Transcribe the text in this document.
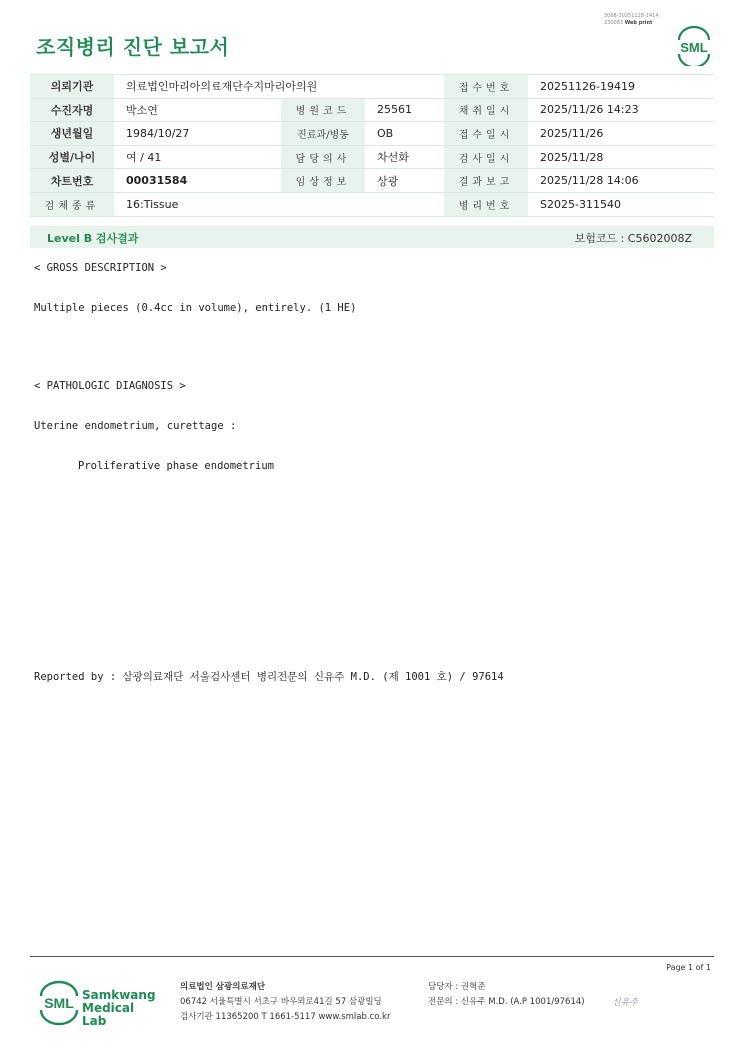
3068-20251128-1414
230083 Web print
조직병리 진단 보고서	SML
의뢰기관	의료법인마리아의료재단수지마리아의원			접수번호	20251126-19419
수진자명	박소연	병원코드	25561	채취일시	2025/11/26 14:23
생년월일	1984/10/27	진료과/병동	OB	접수일시	2025/11/26
성별/나이	여 / 41	담당의사	차선화	검사일시	2025/11/28
차트번호	00031584	임상정보	상광	결과보고	2025/11/28 14:06
검체종류	16:Tissue			병리번호	S2025-311540
Level B 검사결과	보험코드 : C5602008Z
< GROSS DESCRIPTION >
Multiple pieces (0.4cc in volume), entirely. (1 HE)
< PATHOLOGIC DIAGNOSIS >
Uterine endometrium, curettage :
Proliferative phase endometrium
Reported by : 삼광의료재단 서울검사센터 병리전문의 신유주 M.D. (제 1001 호) / 97614
Page 1 of 1
SML Samkwang
Medical Lab
의료법인 삼광의료재단
06742 서울특별시 서초구 바우뫼로41길 57 삼광빌딩
검사기관 11365200 T 1661-5117 www.smlab.co.kr
담당자 : 권혁준
전문의 : 신유주 M.D. (A.P 1001/97614)	신유주
